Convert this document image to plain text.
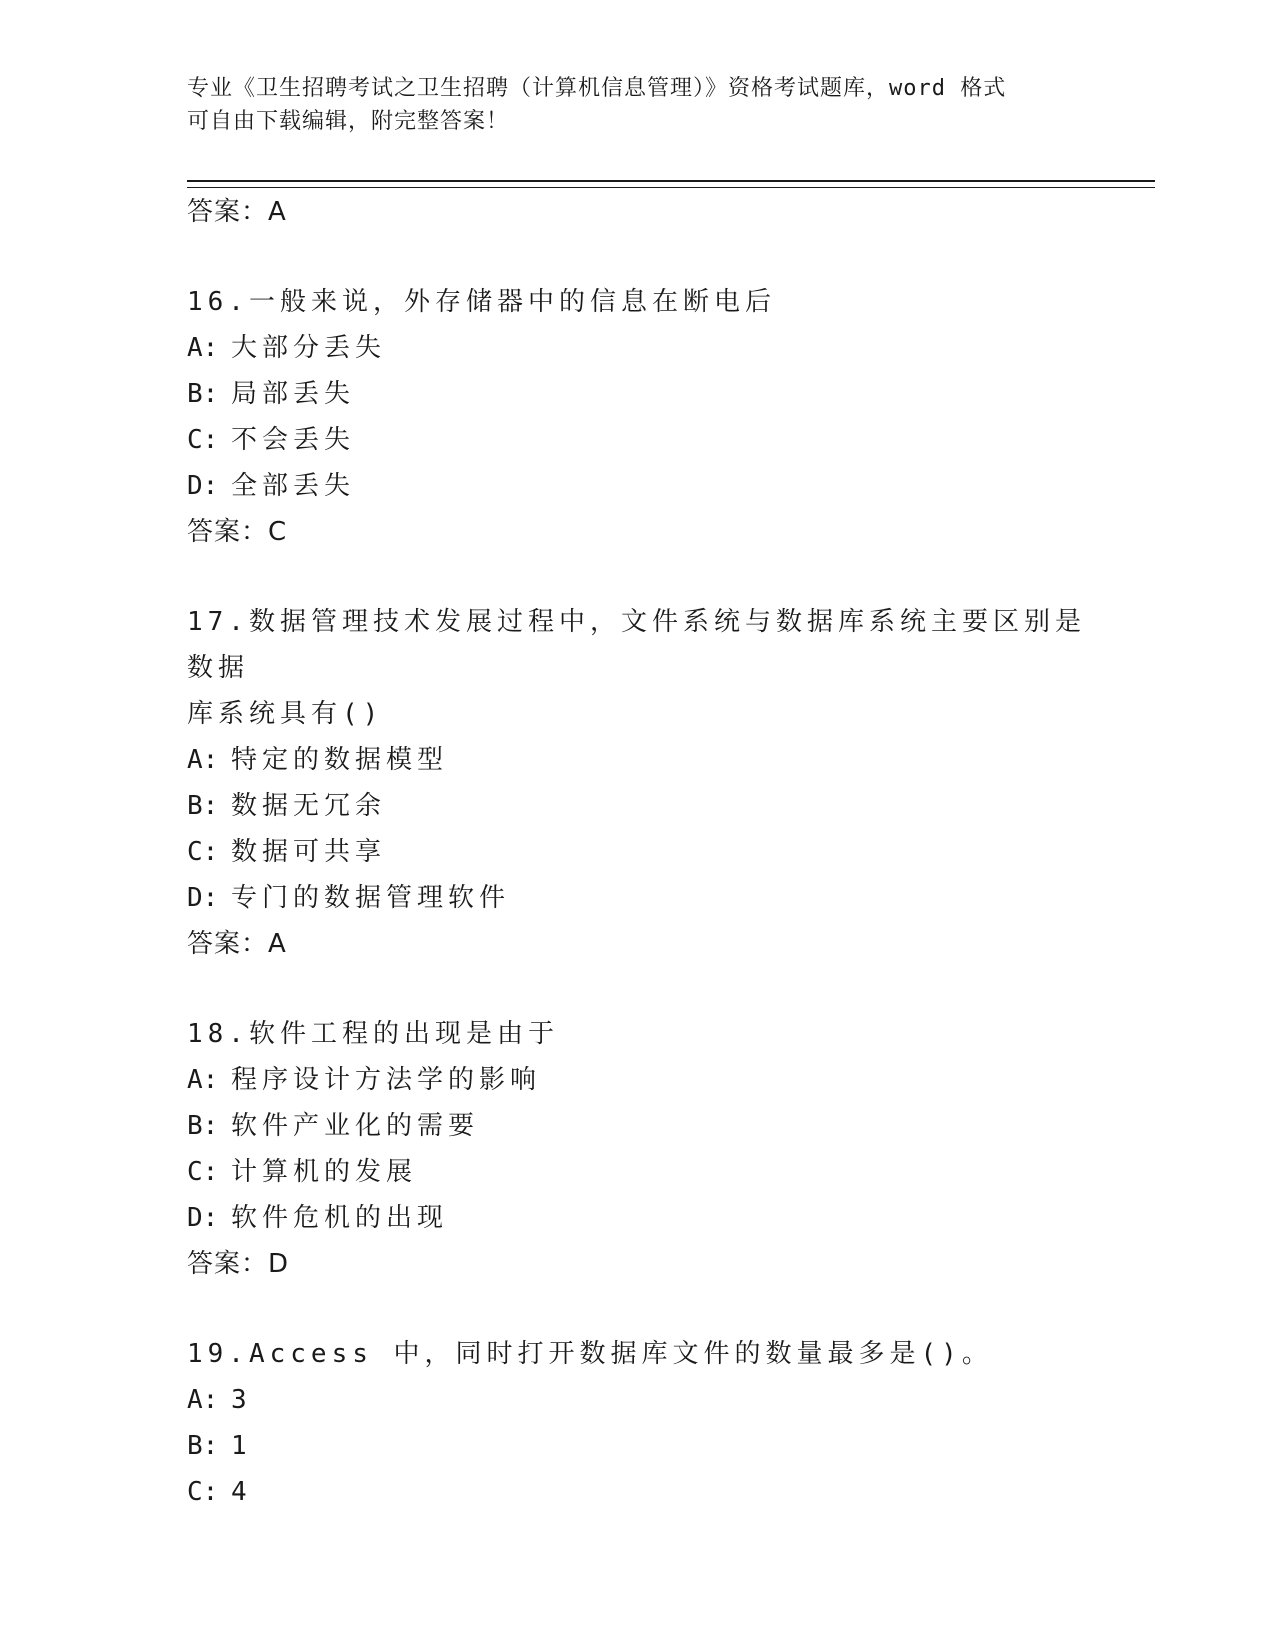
专业《卫生招聘考试之卫生招聘（计算机信息管理）》资格考试题库，word 格式
可自由下载编辑，附完整答案！
答案：A
16.一般来说，外存储器中的信息在断电后
A: 大部分丢失
B: 局部丢失
C: 不会丢失
D: 全部丢失
答案：C
17.数据管理技术发展过程中，文件系统与数据库系统主要区别是数据
库系统具有()
A: 特定的数据模型
B: 数据无冗余
C: 数据可共享
D: 专门的数据管理软件
答案：A
18.软件工程的出现是由于
A: 程序设计方法学的影响
B: 软件产业化的需要
C: 计算机的发展
D: 软件危机的出现
答案：D
19.Access 中，同时打开数据库文件的数量最多是()。
A: 3
B: 1
C: 4
